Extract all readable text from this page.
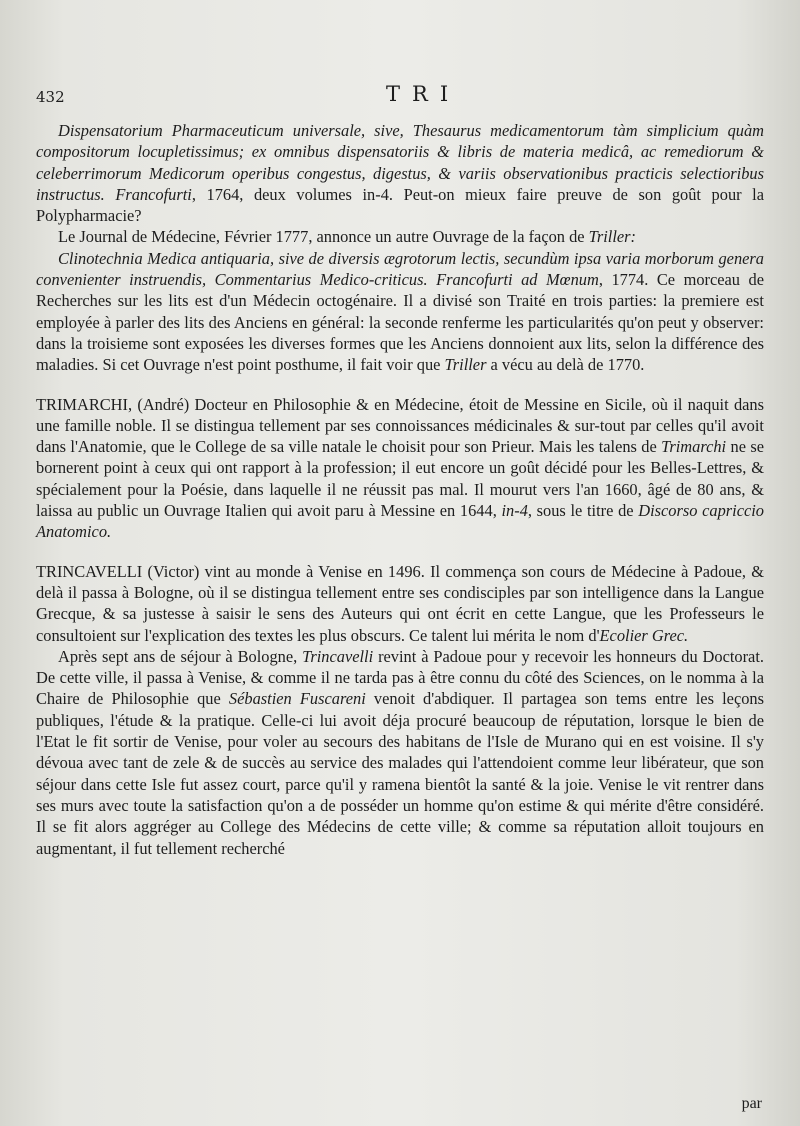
432	TRI

Dispensatorium Pharmaceuticum universale, sive, Thesaurus medicamentorum tàm simplicium quàm compositorum locupletissimus; ex omnibus dispensatoriis & libris de materia medicâ, ac remediorum & celeberrimorum Medicorum operibus congestus, digestus, & variis observationibus practicis selectioribus instructus. Francofurti, 1764, deux volumes in-4. Peut-on mieux faire preuve de son goût pour la Polypharmacie?

Le Journal de Médecine, Février 1777, annonce un autre Ouvrage de la façon de Triller:

Clinotechnia Medica antiquaria, sive de diversis ægrotorum lectis, secundùm ipsa varia morborum genera convenienter instruendis, Commentarius Medico-criticus. Francofurti ad Mœnum, 1774. Ce morceau de Recherches sur les lits est d'un Médecin octogénaire. Il a divisé son Traité en trois parties: la premiere est employée à parler des lits des Anciens en général: la seconde renferme les particularités qu'on peut y observer: dans la troisieme sont exposées les diverses formes que les Anciens donnoient aux lits, selon la différence des maladies. Si cet Ouvrage n'est point posthume, il fait voir que Triller a vécu au delà de 1770.

TRIMARCHI, (André) Docteur en Philosophie & en Médecine, étoit de Messine en Sicile, où il naquit dans une famille noble. Il se distingua tellement par ses connoissances médicinales & sur-tout par celles qu'il avoit dans l'Anatomie, que le College de sa ville natale le choisit pour son Prieur. Mais les talens de Trimarchi ne se bornerent point à ceux qui ont rapport à la profession; il eut encore un goût décidé pour les Belles-Lettres, & spécialement pour la Poésie, dans laquelle il ne réussit pas mal. Il mourut vers l'an 1660, âgé de 80 ans, & laissa au public un Ouvrage Italien qui avoit paru à Messine en 1644, in-4, sous le titre de Discorso capriccio Anatomico.

TRINCAVELLI (Victor) vint au monde à Venise en 1496. Il commença son cours de Médecine à Padoue, & delà il passa à Bologne, où il se distingua tellement entre ses condisciples par son intelligence dans la Langue Grecque, & sa justesse à saisir le sens des Auteurs qui ont écrit en cette Langue, que les Professeurs le consultoient sur l'explication des textes les plus obscurs. Ce talent lui mérita le nom d'Ecolier Grec.

Après sept ans de séjour à Bologne, Trincavelli revint à Padoue pour y recevoir les honneurs du Doctorat. De cette ville, il passa à Venise, & comme il ne tarda pas à être connu du côté des Sciences, on le nomma à la Chaire de Philosophie que Sébastien Fuscareni venoit d'abdiquer. Il partagea son tems entre les leçons publiques, l'étude & la pratique. Celle-ci lui avoit déja procuré beaucoup de réputation, lorsque le bien de l'Etat le fit sortir de Venise, pour voler au secours des habitans de l'Isle de Murano qui en est voisine. Il s'y dévoua avec tant de zele & de succès au service des malades qui l'attendoient comme leur libérateur, que son séjour dans cette Isle fut assez court, parce qu'il y ramena bientôt la santé & la joie. Venise le vit rentrer dans ses murs avec toute la satisfaction qu'on a de posséder un homme qu'on estime & qui mérite d'être considéré. Il se fit alors aggréger au College des Médecins de cette ville; & comme sa réputation alloit toujours en augmentant, il fut tellement recherché

par
